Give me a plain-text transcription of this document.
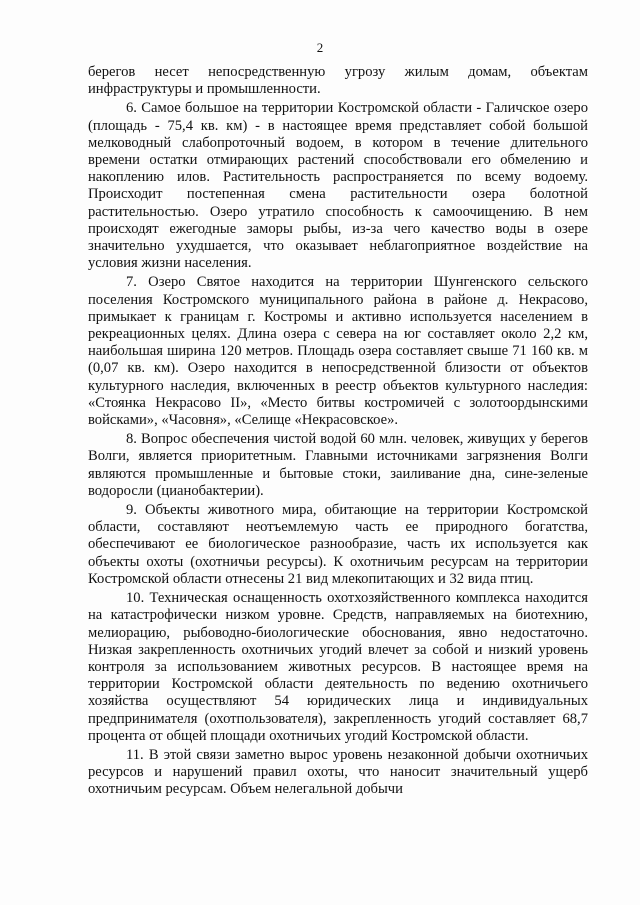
2

берегов несет непосредственную угрозу жилым домам, объектам инфраструктуры и промышленности.

6. Самое большое на территории Костромской области - Галичское озеро (площадь - 75,4 кв. км) - в настоящее время представляет собой большой мелководный слабопроточный водоем, в котором в течение длительного времени остатки отмирающих растений способствовали его обмелению и накоплению илов. Растительность распространяется по всему водоему. Происходит постепенная смена растительности озера болотной растительностью. Озеро утратило способность к самоочищению. В нем происходят ежегодные заморы рыбы, из-за чего качество воды в озере значительно ухудшается, что оказывает неблагоприятное воздействие на условия жизни населения.

7. Озеро Святое находится на территории Шунгенского сельского поселения Костромского муниципального района в районе д. Некрасово, примыкает к границам г. Костромы и активно используется населением в рекреационных целях. Длина озера с севера на юг составляет около 2,2 км, наибольшая ширина 120 метров. Площадь озера составляет свыше 71 160 кв. м (0,07 кв. км). Озеро находится в непосредственной близости от объектов культурного наследия, включенных в реестр объектов культурного наследия: «Стоянка Некрасово II», «Место битвы костромичей с золотоордынскими войсками», «Часовня», «Селище «Некрасовское».

8. Вопрос обеспечения чистой водой 60 млн. человек, живущих у берегов Волги, является приоритетным. Главными источниками загрязнения Волги являются промышленные и бытовые стоки, заиливание дна, сине-зеленые водоросли (цианобактерии).

9. Объекты животного мира, обитающие на территории Костромской области, составляют неотъемлемую часть ее природного богатства, обеспечивают ее биологическое разнообразие, часть их используется как объекты охоты (охотничьи ресурсы). К охотничьим ресурсам на территории Костромской области отнесены 21 вид млекопитающих и 32 вида птиц.

10. Техническая оснащенность охотхозяйственного комплекса находится на катастрофически низком уровне. Средств, направляемых на биотехнию, мелиорацию, рыбоводно-биологические обоснования, явно недостаточно. Низкая закрепленность охотничьих угодий влечет за собой и низкий уровень контроля за использованием животных ресурсов. В настоящее время на территории Костромской области деятельность по ведению охотничьего хозяйства осуществляют 54 юридических лица и индивидуальных предпринимателя (охотпользователя), закрепленность угодий составляет 68,7 процента от общей площади охотничьих угодий Костромской области.

11. В этой связи заметно вырос уровень незаконной добычи охотничьих ресурсов и нарушений правил охоты, что наносит значительный ущерб охотничьим ресурсам. Объем нелегальной добычи
